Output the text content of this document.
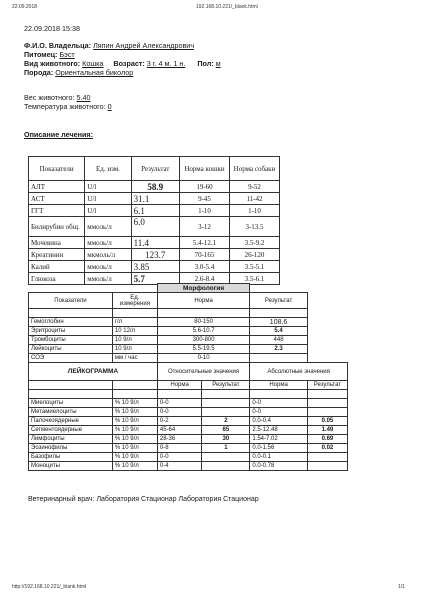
22.09.2018	192.168.10.221/_blank.html
22.09.2018 15:38
Ф.И.О. Владельца: Ляпин Андрей Александрович
Питомец: Бэст
Вид животного: Кошка Возраст: 3 г. 4 м. 1 н. Пол: м
Порода: Ориентальная биколор
Вес животного: 5.40
Температура животного: 0
Описание лечения:
Показатели	Ед. изм.	Результат	Норма кошки	Норма собаки
АЛТ	U/l	58.9	19-60	9-52
АСТ	U/l	31.1	9-45	11-42
ГГТ	U/l	6.1	1-10	1-10
Билирубин общ.	ммоль/л	6.0	3-12	3-13.5
Мочевина	ммоль/л	11.4	5.4-12.1	3.5-9.2
Креатинин	мкмоль/л	123.7	70-165	26-120
Калий	ммоль/л	3.85	3.0-5.4	3.5-5.1
Глюкоза	ммоль/л	5.7	2.6-8.4	3.5-6.1
		Морфология			
Показатели	Ед. измерения	Норма		Результат	

Гемоглобин	г/л	80-150		108.6	
Эритроциты	10 12/л	5.6-10.7		5.4	
Тромбоциты	10 9/л	300-800		448	
Лейкоциты	10 9/л	5.5-19.5		2.3	
СОЭ	мм / час	0-10			
ЛЕЙКОГРАММА		Относительные значения		Абсолютные значения	
		Норма	Результат	Норма	Результат

Миелоциты	% 10 9/л	0-0		0-0	
Метамиелоциты	% 10 9/л	0-0		0-0	
Палочкоядерные	% 10 9/л	0-2	2	0.0-0.4	0.05
Сегментоядерные	% 10 9/л	45-64	65	2.5-12.48	1.49
Лимфоциты	% 10 9/л	28-36	30	1.54-7.02	0.69
Эозинофилы	% 10 9/л	0-8	1	0.0-1.56	0.02
Базофилы	% 10 9/л	0-0		0.0-0.1	
Моноциты	% 10 9/л	0-4		0.0-0.78	
Ветеринарный врач: Лаборатория Стационар Лаборатория Стационар
http://192.168.10.221/_blank.html	1/1
